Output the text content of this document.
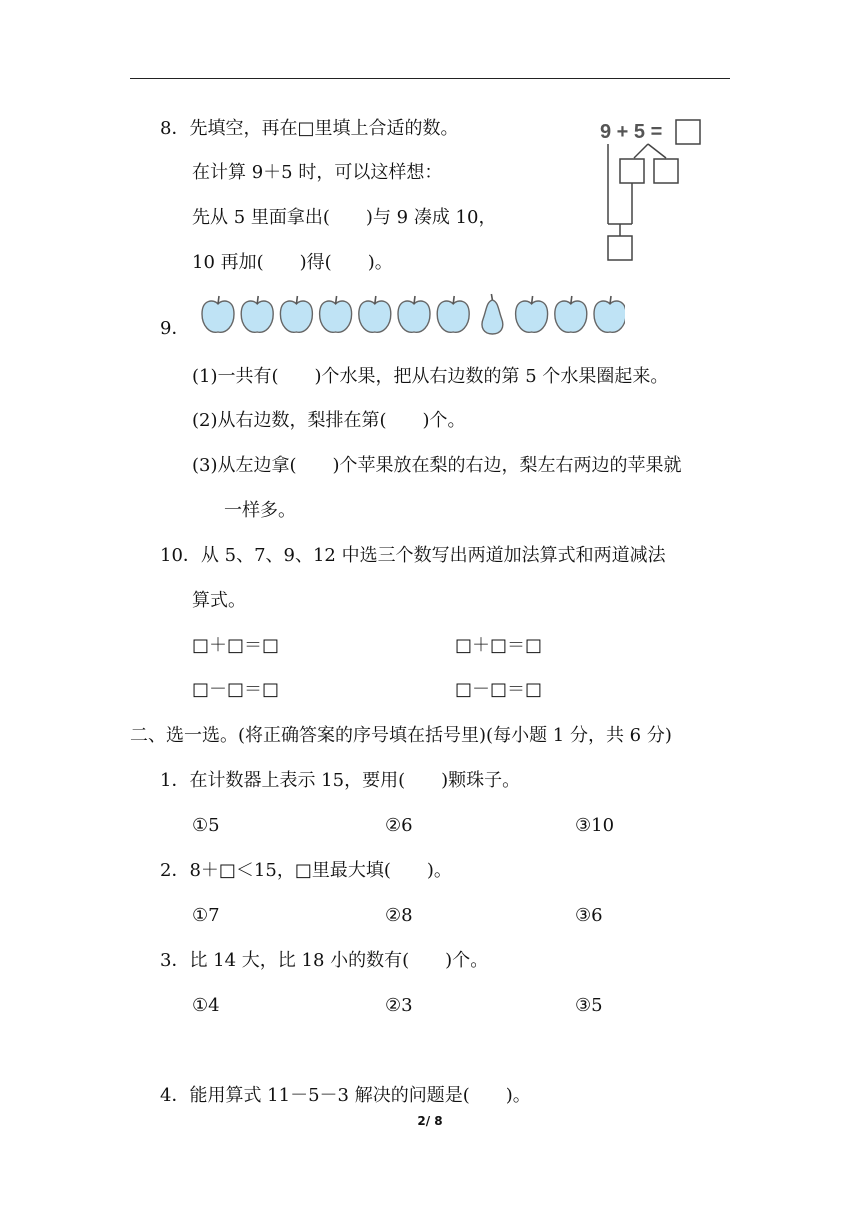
8．先填空，再在□里填上合适的数。
在计算 9＋5 时，可以这样想：
先从 5 里面拿出(　　)与 9 凑成 10，
10 再加(　　)得(　　)。
9 + 5 =
9．
(1)一共有(　　)个水果，把从右边数的第 5 个水果圈起来。
(2)从右边数，梨排在第(　　)个。
(3)从左边拿(　　)个苹果放在梨的右边，梨左右两边的苹果就
一样多。
10．从 5、7、9、12 中选三个数写出两道加法算式和两道减法
算式。
□＋□＝□	□＋□＝□
□－□＝□	□－□＝□
二、选一选。(将正确答案的序号填在括号里)(每小题 1 分，共 6 分)
1．在计数器上表示 15，要用(　　)颗珠子。
①5	②6	③10
2．8＋□＜15，□里最大填(　　)。
①7	②8	③6
3．比 14 大，比 18 小的数有(　　)个。
①4	②3	③5
4．能用算式 11－5－3 解决的问题是(　　)。
2/ 8
